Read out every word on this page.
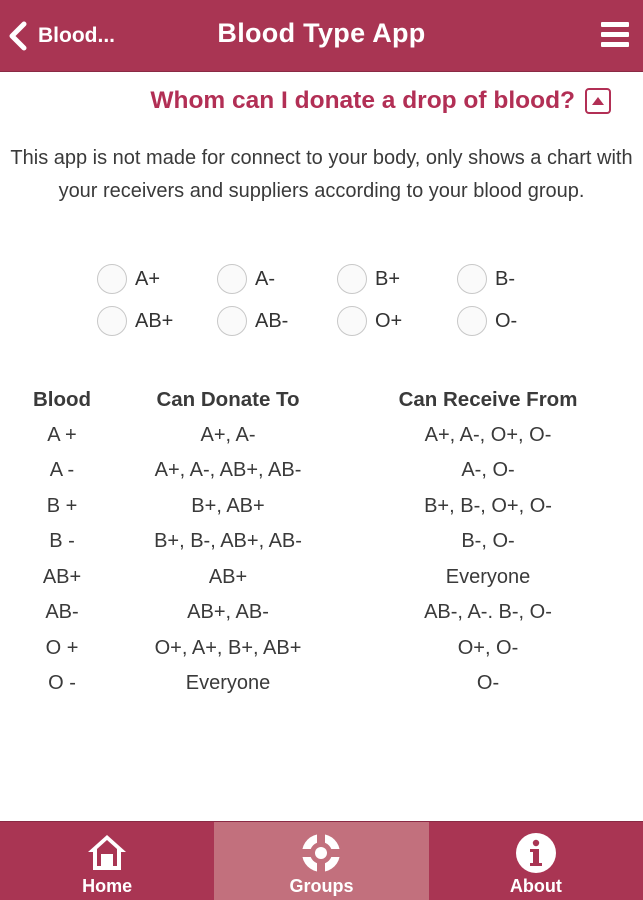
Blood...	Blood Type App
Whom can I donate a drop of blood?

This app is not made for connect to your body, only shows a chart with your receivers and suppliers according to your blood group.

A+	A-	B+	B-
AB+	AB-	O+	O-
Blood	Can Donate To	Can Receive From
A +	A+, A-	A+, A-, O+, O-
A -	A+, A-, AB+, AB-	A-, O-
B +	B+, AB+	B+, B-, O+, O-
B -	B+, B-, AB+, AB-	B-, O-
AB+	AB+	Everyone
AB-	AB+, AB-	AB-, A-. B-, O-
O +	O+, A+, B+, AB+	O+, O-
O -	Everyone	O-
Home	Groups	About
